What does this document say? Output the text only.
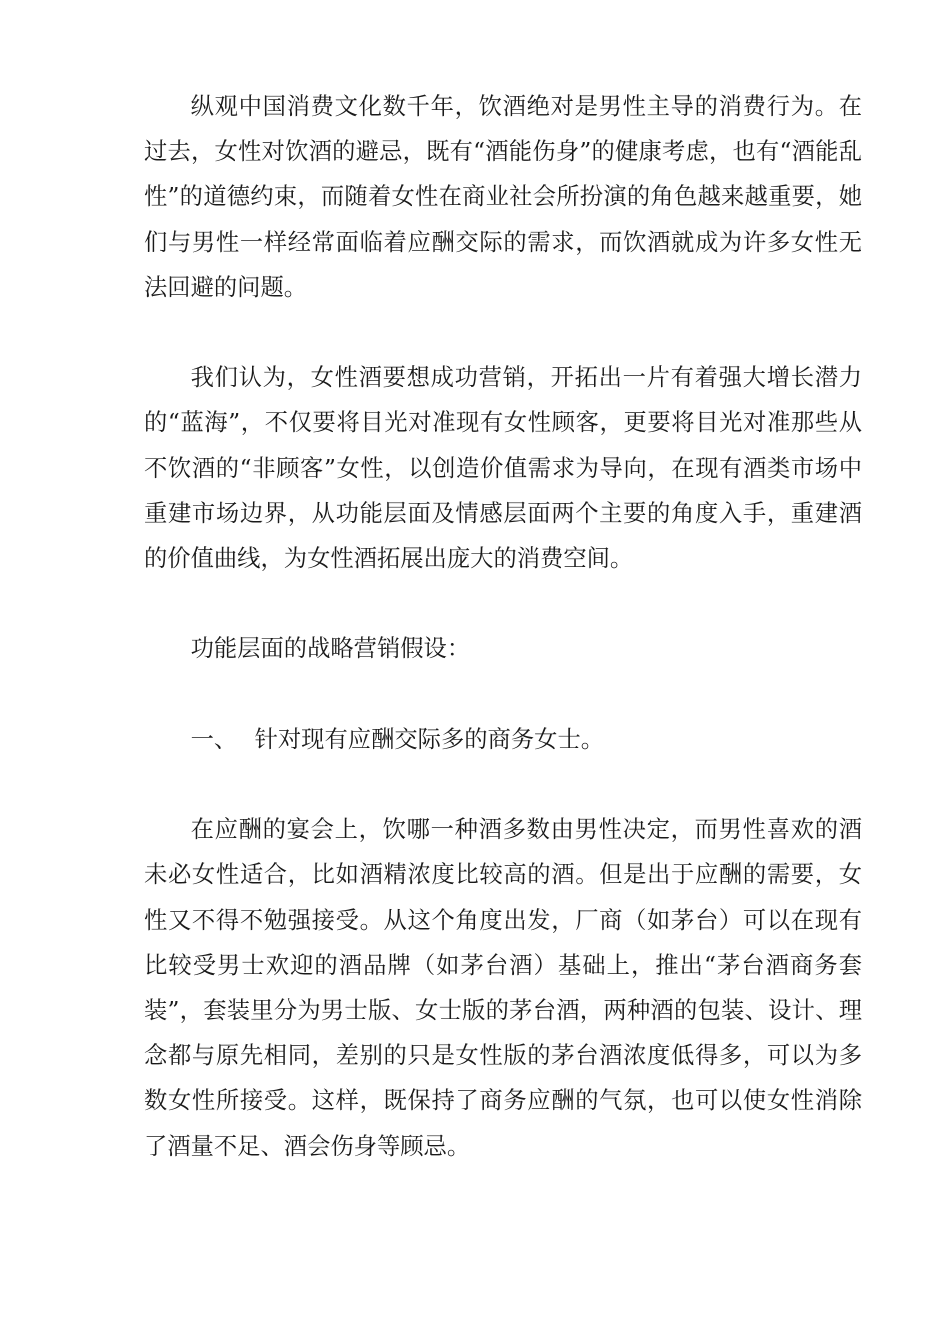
纵观中国消费文化数千年，饮酒绝对是男性主导的消费行为。在过去，女性对饮酒的避忌，既有“酒能伤身”的健康考虑，也有“酒能乱性”的道德约束，而随着女性在商业社会所扮演的角色越来越重要，她们与男性一样经常面临着应酬交际的需求，而饮酒就成为许多女性无法回避的问题。

我们认为，女性酒要想成功营销，开拓出一片有着强大增长潜力的“蓝海”，不仅要将目光对准现有女性顾客，更要将目光对准那些从不饮酒的“非顾客”女性，以创造价值需求为导向，在现有酒类市场中重建市场边界，从功能层面及情感层面两个主要的角度入手，重建酒的价值曲线，为女性酒拓展出庞大的消费空间。

功能层面的战略营销假设：

一、 针对现有应酬交际多的商务女士。

在应酬的宴会上，饮哪一种酒多数由男性决定，而男性喜欢的酒未必女性适合，比如酒精浓度比较高的酒。但是出于应酬的需要，女性又不得不勉强接受。从这个角度出发，厂商（如茅台）可以在现有比较受男士欢迎的酒品牌（如茅台酒）基础上，推出“茅台酒商务套装”，套装里分为男士版、女士版的茅台酒，两种酒的包装、设计、理念都与原先相同，差别的只是女性版的茅台酒浓度低得多，可以为多数女性所接受。这样，既保持了商务应酬的气氛，也可以使女性消除了酒量不足、酒会伤身等顾忌。
